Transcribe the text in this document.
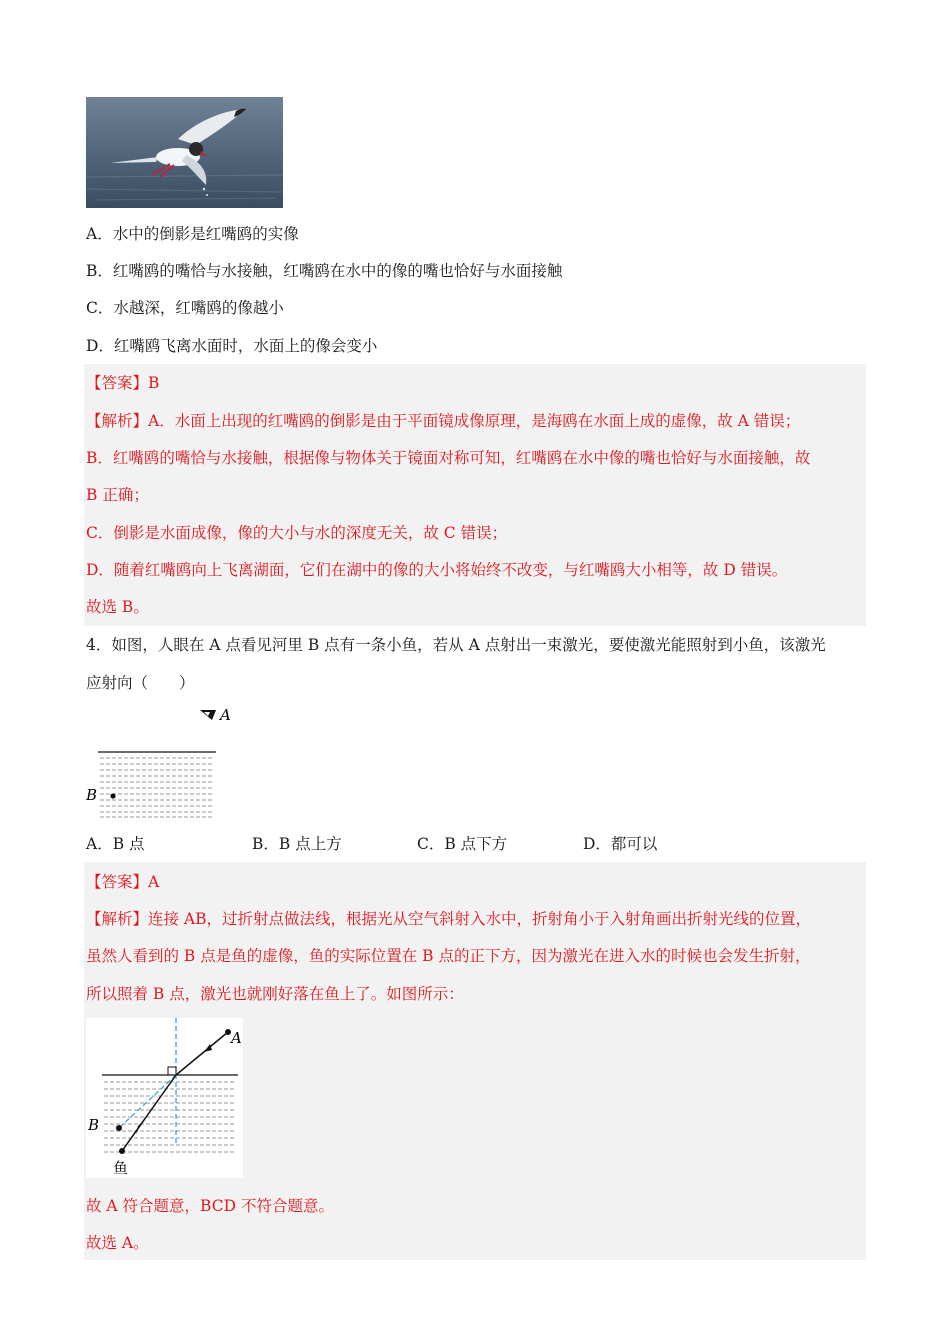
A．水中的倒影是红嘴鸥的实像
B．红嘴鸥的嘴恰与水接触，红嘴鸥在水中的像的嘴也恰好与水面接触
C．水越深，红嘴鸥的像越小
D．红嘴鸥飞离水面时，水面上的像会变小
【答案】B
【解析】A．水面上出现的红嘴鸥的倒影是由于平面镜成像原理，是海鸥在水面上成的虚像，故 A 错误；
B．红嘴鸥的嘴恰与水接触，根据像与物体关于镜面对称可知，红嘴鸥在水中像的嘴也恰好与水面接触，故
B 正确；
C．倒影是水面成像，像的大小与水的深度无关，故 C 错误；
D．随着红嘴鸥向上飞离湖面，它们在湖中的像的大小将始终不改变，与红嘴鸥大小相等，故 D 错误。
故选 B。
4．如图，人眼在 A 点看见河里 B 点有一条小鱼，若从 A 点射出一束激光，要使激光能照射到小鱼，该激光
应射向（　　）
A
B
A．B 点	B．B 点上方	C．B 点下方	D．都可以
【答案】A
【解析】连接 AB，过折射点做法线，根据光从空气斜射入水中，折射角小于入射角画出折射光线的位置，
虽然人看到的 B 点是鱼的虚像，鱼的实际位置在 B 点的正下方，因为激光在进入水的时候也会发生折射，
所以照着 B 点，激光也就刚好落在鱼上了。如图所示：
A
B
鱼
故 A 符合题意，BCD 不符合题意。
故选 A。
